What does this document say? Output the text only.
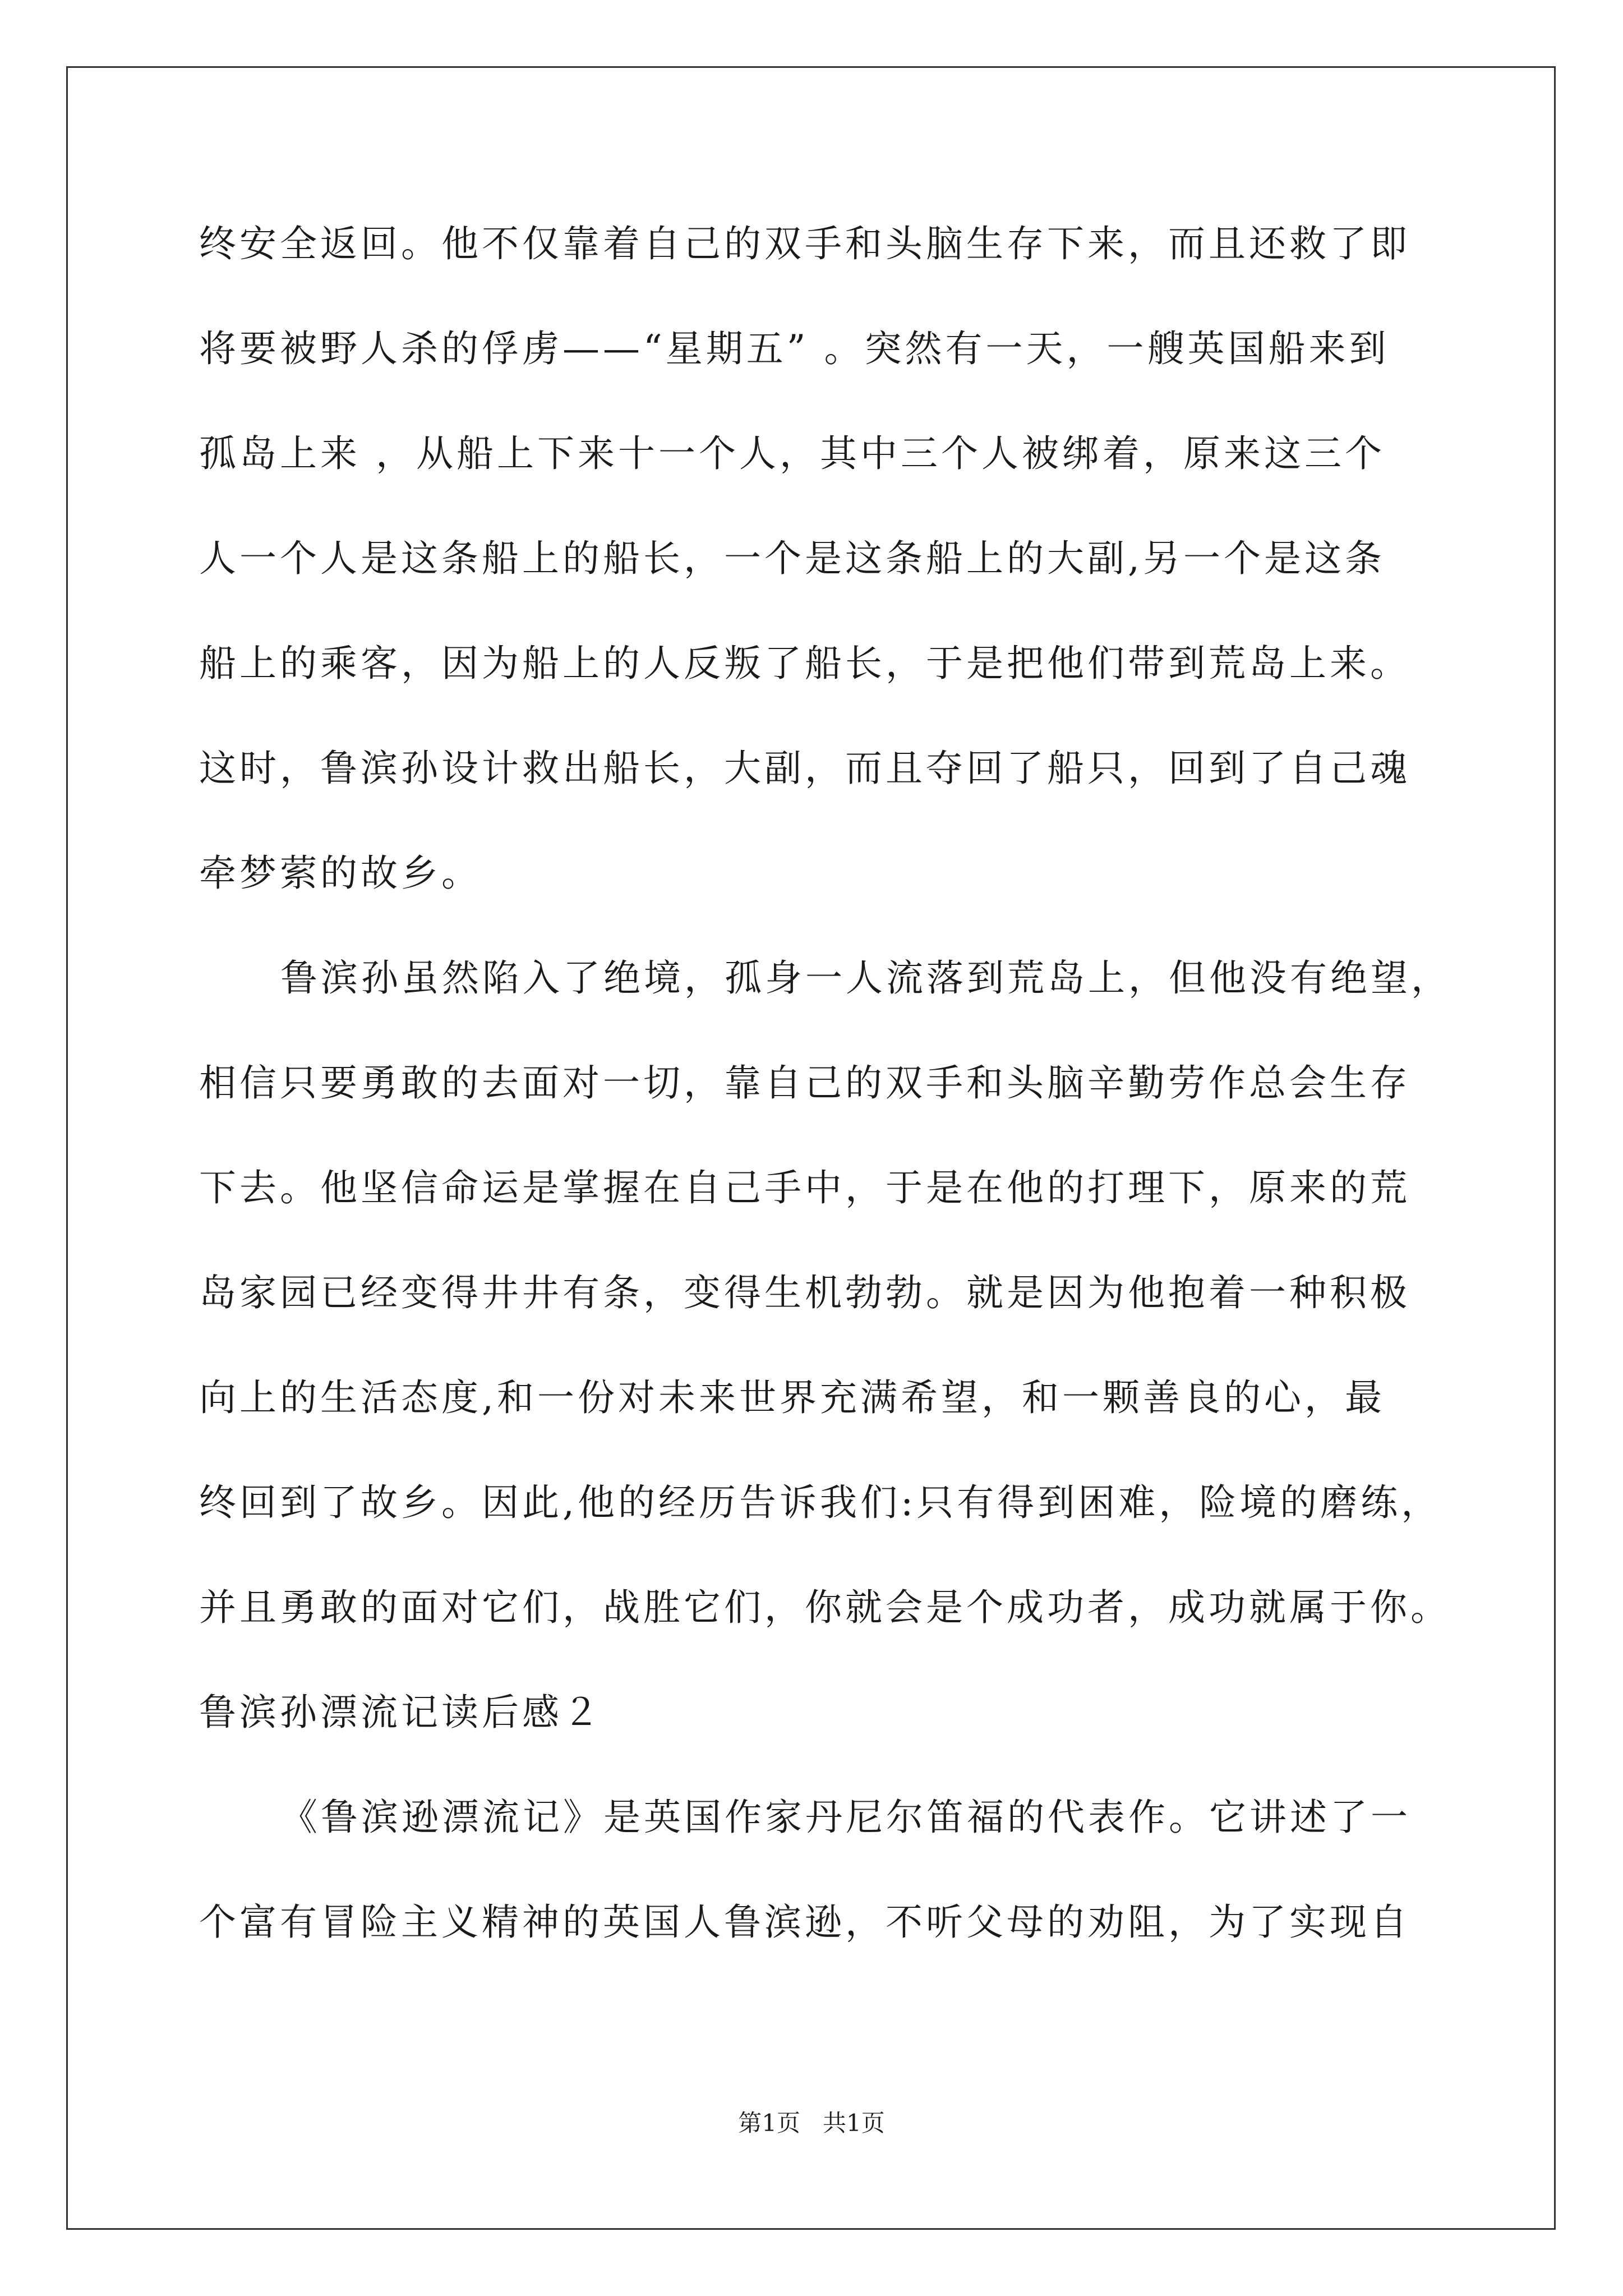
终安全返回。他不仅靠着自己的双手和头脑生存下来，而且还救了即
将要被野人杀的俘虏——“星期五” 。突然有一天，一艘英国船来到
孤岛上来 ，从船上下来十一个人，其中三个人被绑着，原来这三个
人一个人是这条船上的船长，一个是这条船上的大副,另一个是这条
船上的乘客，因为船上的人反叛了船长，于是把他们带到荒岛上来。
这时，鲁滨孙设计救出船长，大副，而且夺回了船只，回到了自己魂
牵梦萦的故乡。
鲁滨孙虽然陷入了绝境，孤身一人流落到荒岛上，但他没有绝望，
相信只要勇敢的去面对一切，靠自己的双手和头脑辛勤劳作总会生存
下去。他坚信命运是掌握在自己手中，于是在他的打理下，原来的荒
岛家园已经变得井井有条，变得生机勃勃。就是因为他抱着一种积极
向上的生活态度,和一份对未来世界充满希望，和一颗善良的心，最
终回到了故乡。因此,他的经历告诉我们:只有得到困难，险境的磨练，
并且勇敢的面对它们，战胜它们，你就会是个成功者，成功就属于你。
鲁滨孙漂流记读后感２
《鲁滨逊漂流记》是英国作家丹尼尔笛福的代表作。它讲述了一
个富有冒险主义精神的英国人鲁滨逊，不听父母的劝阻，为了实现自
第1页   共1页
